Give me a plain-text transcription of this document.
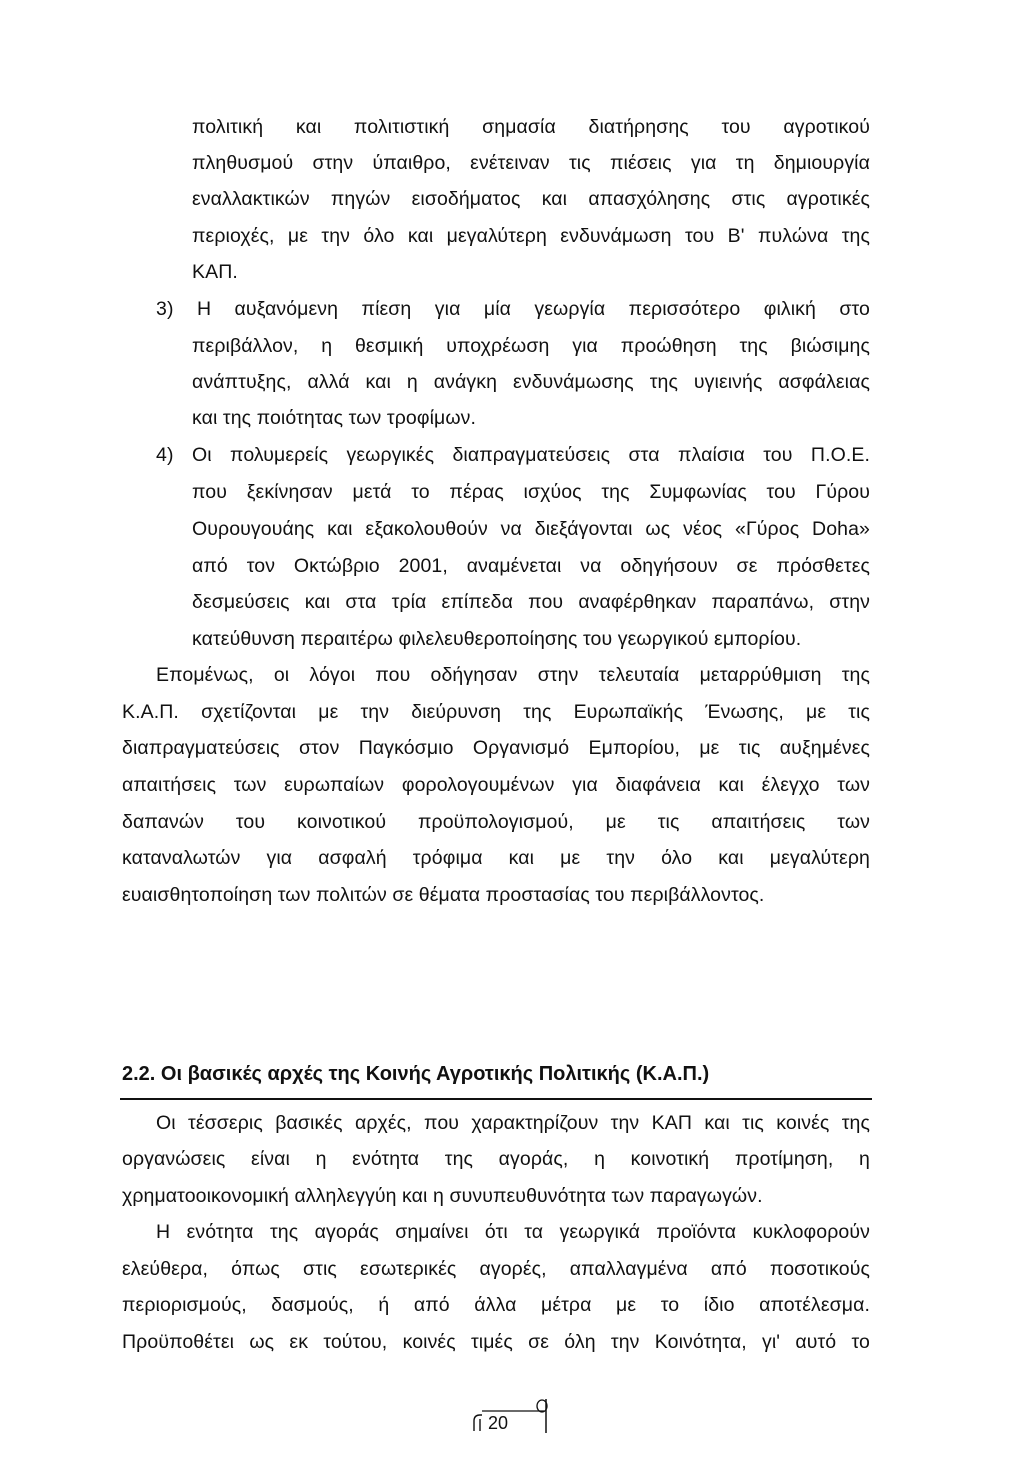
πολιτική και πολιτιστική σημασία διατήρησης του αγροτικού

πληθυσμού στην ύπαιθρο, ενέτειναν τις πιέσεις για τη δημιουργία

εναλλακτικών πηγών εισοδήματος και απασχόλησης στις αγροτικές

περιοχές, με την όλο και μεγαλύτερη ενδυνάμωση του Β' πυλώνα της

ΚΑΠ.

3) Η αυξανόμενη πίεση για μία γεωργία περισσότερο φιλική στο

περιβάλλον, η θεσμική υποχρέωση για προώθηση της βιώσιμης

ανάπτυξης, αλλά και η ανάγκη ενδυνάμωσης της υγιεινής ασφάλειας

και της ποιότητας των τροφίμων.

4) Οι πολυμερείς γεωργικές διαπραγματεύσεις στα πλαίσια του Π.Ο.Ε.

που ξεκίνησαν μετά το πέρας ισχύος της Συμφωνίας του Γύρου

Ουρουγουάης και εξακολουθούν να διεξάγονται ως νέος «Γύρος Doha»

από τον Οκτώβριο 2001, αναμένεται να οδηγήσουν σε πρόσθετες

δεσμεύσεις και στα τρία επίπεδα που αναφέρθηκαν παραπάνω, στην

κατεύθυνση περαιτέρω φιλελευθεροποίησης του γεωργικού εμπορίου.

Επομένως, οι λόγοι που οδήγησαν στην τελευταία μεταρρύθμιση της

Κ.Α.Π. σχετίζονται με την διεύρυνση της Ευρωπαϊκής Ένωσης, με τις

διαπραγματεύσεις στον Παγκόσμιο Οργανισμό Εμπορίου, με τις αυξημένες

απαιτήσεις των ευρωπαίων φορολογουμένων για διαφάνεια και έλεγχο των

δαπανών του κοινοτικού προϋπολογισμού, με τις απαιτήσεις των

καταναλωτών για ασφαλή τρόφιμα και με την όλο και μεγαλύτερη

ευαισθητοποίηση των πολιτών σε θέματα προστασίας του περιβάλλοντος.

2.2. Οι βασικές αρχές της Κοινής Αγροτικής Πολιτικής (Κ.Α.Π.)

Οι τέσσερις βασικές αρχές, που χαρακτηρίζουν την ΚΑΠ και τις κοινές της

οργανώσεις είναι η ενότητα της αγοράς, η κοινοτική προτίμηση, η

χρηματοοικονομική αλληλεγγύη και η συνυπευθυνότητα των παραγωγών.

Η ενότητα της αγοράς σημαίνει ότι τα γεωργικά προϊόντα κυκλοφορούν

ελεύθερα, όπως στις εσωτερικές αγορές, απαλλαγμένα από ποσοτικούς

περιορισμούς, δασμούς, ή από άλλα μέτρα με το ίδιο αποτέλεσμα.

Προϋποθέτει ως εκ τούτου, κοινές τιμές σε όλη την Κοινότητα, γι' αυτό το

20
